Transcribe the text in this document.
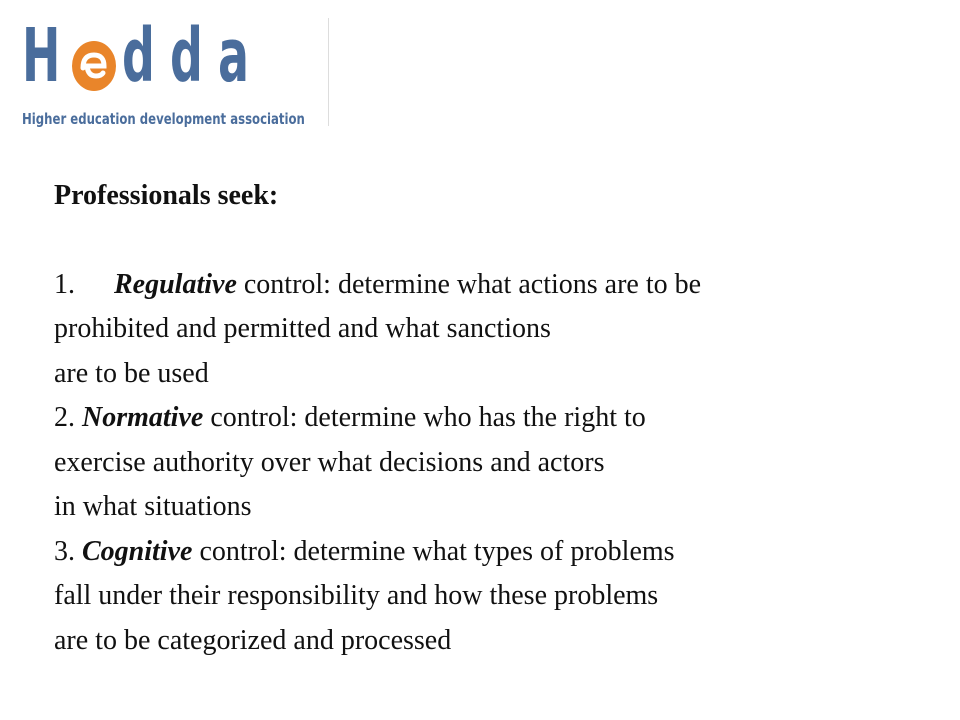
H d d a
Higher education development association

Professionals seek:

1. Regulative control: determine what actions are to be
prohibited and permitted and what sanctions
are to be used

2. Normative control: determine who has the right to
exercise authority over what decisions and actors
in what situations

3. Cognitive control: determine what types of problems
fall under their responsibility and how these problems
are to be categorized and processed
